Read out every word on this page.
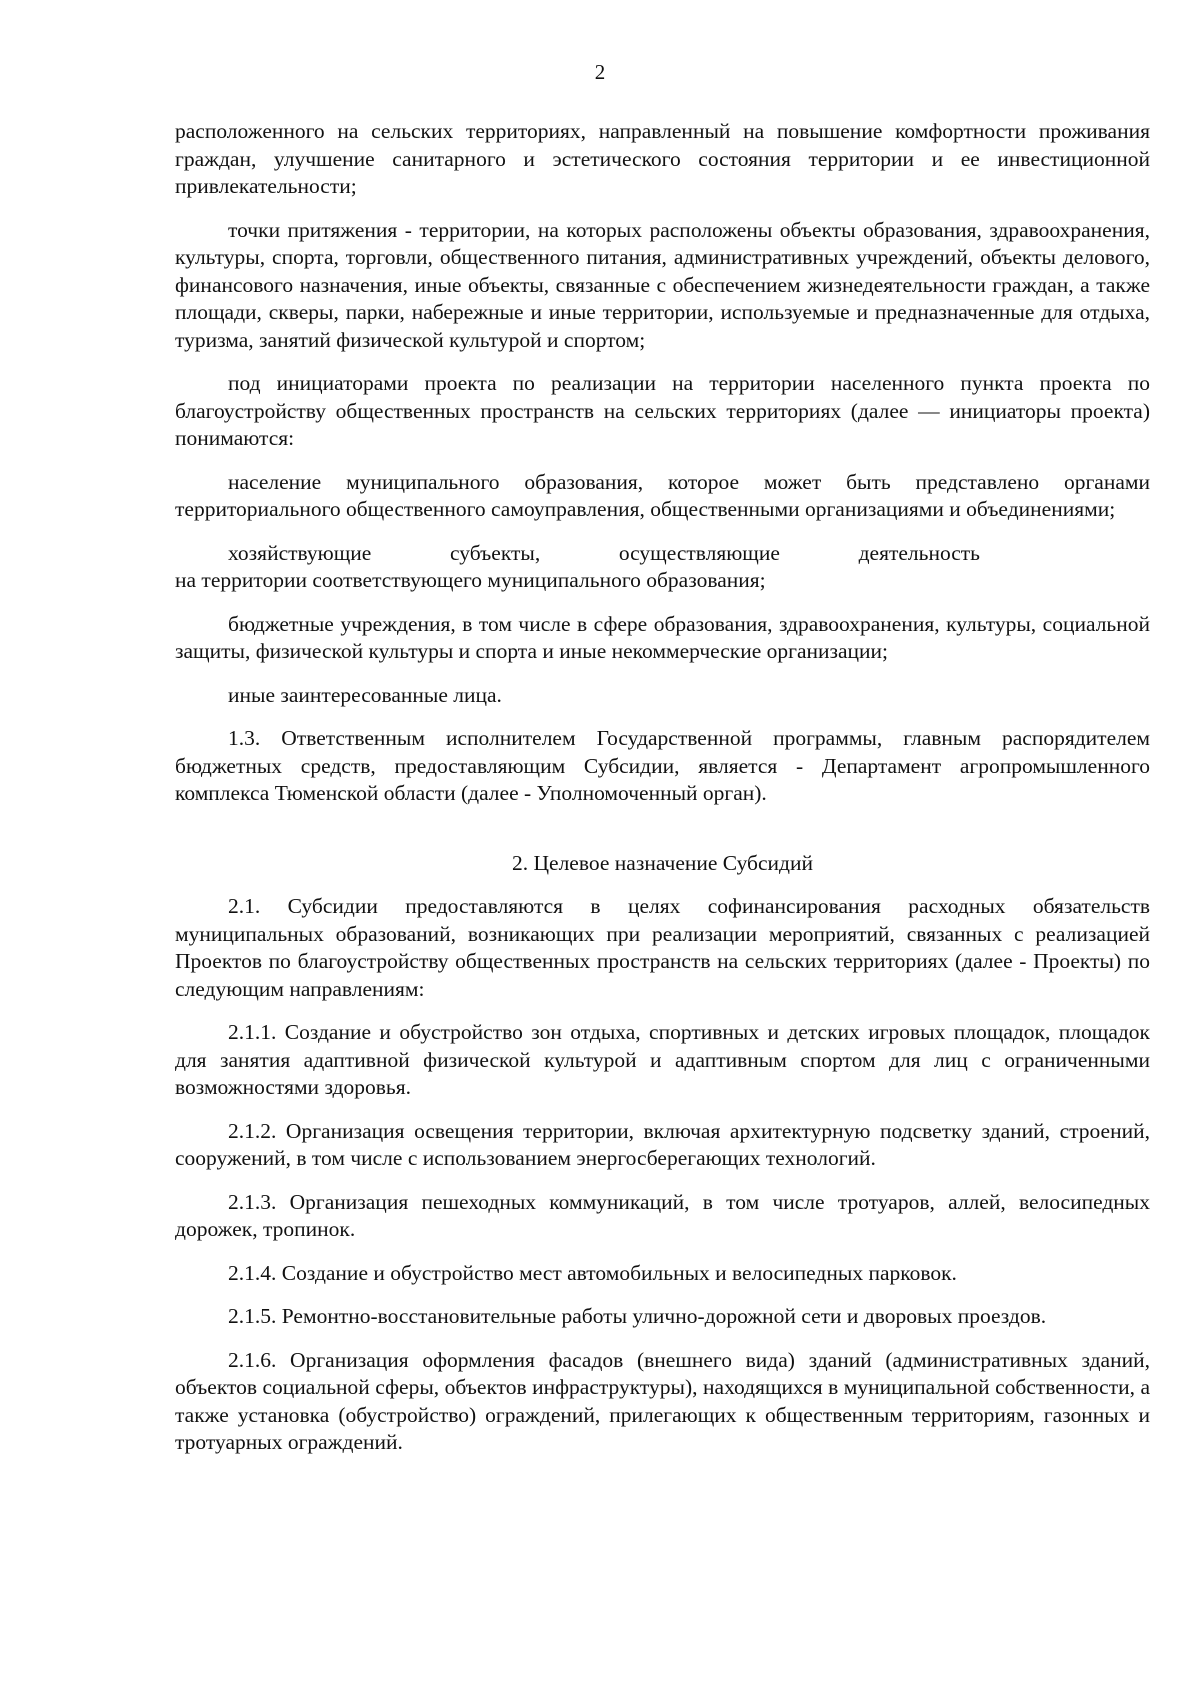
2

расположенного на сельских территориях, направленный на повышение комфортности проживания граждан, улучшение санитарного и эстетического состояния территории и ее инвестиционной привлекательности;

точки притяжения - территории, на которых расположены объекты образования, здравоохранения, культуры, спорта, торговли, общественного питания, административных учреждений, объекты делового, финансового назначения, иные объекты, связанные с обеспечением жизнедеятельности граждан, а также площади, скверы, парки, набережные и иные территории, используемые и предназначенные для отдыха, туризма, занятий физической культурой и спортом;

под инициаторами проекта по реализации на территории населенного пункта проекта по благоустройству общественных пространств на сельских территориях (далее — инициаторы проекта) понимаются:

население муниципального образования, которое может быть представлено органами территориального общественного самоуправления, общественными организациями и объединениями;

хозяйствующие	субъекты,	осуществляющие	деятельность
на территории соответствующего муниципального образования;

бюджетные учреждения, в том числе в сфере образования, здравоохранения, культуры, социальной защиты, физической культуры и спорта и иные некоммерческие организации;

иные заинтересованные лица.

1.3. Ответственным исполнителем Государственной программы, главным распорядителем бюджетных средств, предоставляющим Субсидии, является - Департамент агропромышленного комплекса Тюменской области (далее - Уполномоченный орган).

2. Целевое назначение Субсидий

2.1. Субсидии предоставляются в целях софинансирования расходных обязательств муниципальных образований, возникающих при реализации мероприятий, связанных с реализацией Проектов по благоустройству общественных пространств на сельских территориях (далее - Проекты) по следующим направлениям:

2.1.1. Создание и обустройство зон отдыха, спортивных и детских игровых площадок, площадок для занятия адаптивной физической культурой и адаптивным спортом для лиц с ограниченными возможностями здоровья.

2.1.2. Организация освещения территории, включая архитектурную подсветку зданий, строений, сооружений, в том числе с использованием энергосберегающих технологий.

2.1.3. Организация пешеходных коммуникаций, в том числе тротуаров, аллей, велосипедных дорожек, тропинок.

2.1.4. Создание и обустройство мест автомобильных и велосипедных парковок.

2.1.5. Ремонтно-восстановительные работы улично-дорожной сети и дворовых проездов.

2.1.6. Организация оформления фасадов (внешнего вида) зданий (административных зданий, объектов социальной сферы, объектов инфраструктуры), находящихся в муниципальной собственности, а также установка (обустройство) ограждений, прилегающих к общественным территориям, газонных и тротуарных ограждений.
